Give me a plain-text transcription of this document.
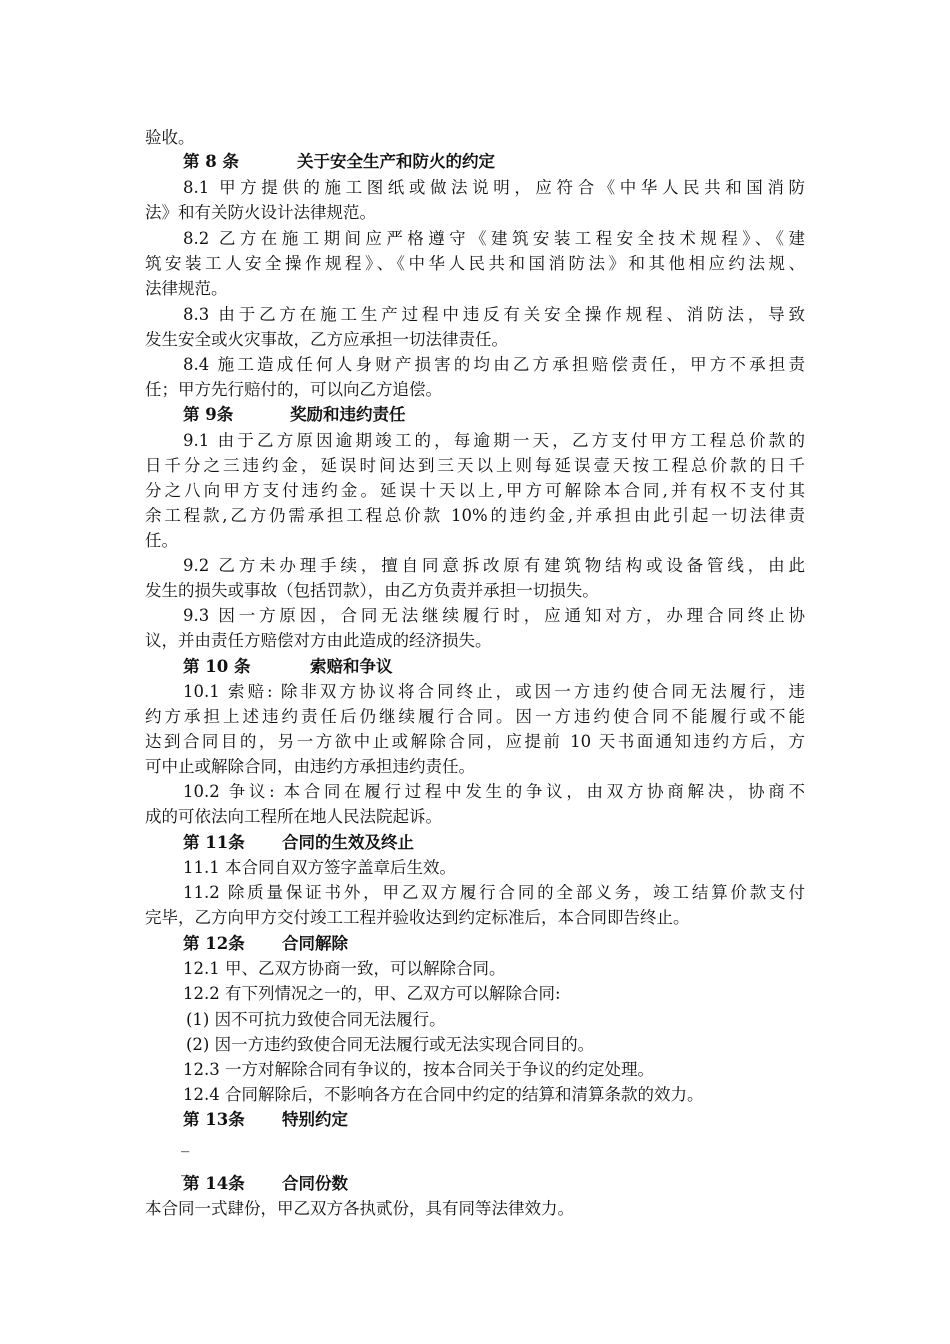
验收。
第 8 条	关于安全生产和防火的约定
8.1 甲方提供的施工图纸或做法说明，应符合《中华人民共和国消防
法》和有关防火设计法律规范。
8.2 乙方在施工期间应严格遵守《建筑安装工程安全技术规程》、《建
筑安装工人安全操作规程》、《中华人民共和国消防法》和其他相应约法规、
法律规范。
8.3 由于乙方在施工生产过程中违反有关安全操作规程、消防法，导致
发生安全或火灾事故，乙方应承担一切法律责任。
8.4 施工造成任何人身财产损害的均由乙方承担赔偿责任，甲方不承担责
任；甲方先行赔付的，可以向乙方追偿。
第 9条	奖励和违约责任
9.1 由于乙方原因逾期竣工的，每逾期一天，乙方支付甲方工程总价款的
日千分之三违约金，延误时间达到三天以上则每延误壹天按工程总价款的日千
分之八向甲方支付违约金。延误十天以上,甲方可解除本合同,并有权不支付其
余工程款,乙方仍需承担工程总价款 10%的违约金,并承担由此引起一切法律责
任。
9.2 乙方未办理手续，擅自同意拆改原有建筑物结构或设备管线，由此
发生的损失或事故（包括罚款），由乙方负责并承担一切损失。
9.3 因一方原因，合同无法继续履行时，应通知对方，办理合同终止协
议，并由责任方赔偿对方由此造成的经济损失。
第 10 条	索赔和争议
10.1 索赔: 除非双方协议将合同终止，或因一方违约使合同无法履行，违
约方承担上述违约责任后仍继续履行合同。因一方违约使合同不能履行或不能
达到合同目的，另一方欲中止或解除合同，应提前 10 天书面通知违约方后，方
可中止或解除合同，由违约方承担违约责任。
10.2 争议: 本合同在履行过程中发生的争议，由双方协商解决，协商不
成的可依法向工程所在地人民法院起诉。
第 11条 合同的生效及终止
11.1 本合同自双方签字盖章后生效。
11.2 除质量保证书外，甲乙双方履行合同的全部义务，竣工结算价款支付
完毕，乙方向甲方交付竣工工程并验收达到约定标准后，本合同即告终止。
第 12条 合同解除
12.1 甲、乙双方协商一致，可以解除合同。
12.2 有下列情况之一的，甲、乙双方可以解除合同:
(1) 因不可抗力致使合同无法履行。
(2) 因一方违约致使合同无法履行或无法实现合同目的。
12.3 一方对解除合同有争议的，按本合同关于争议的约定处理。
12.4 合同解除后，不影响各方在合同中约定的结算和清算条款的效力。
第 13条 特别约定
_
_
第 14条 合同份数
本合同一式肆份，甲乙双方各执贰份，具有同等法律效力。
